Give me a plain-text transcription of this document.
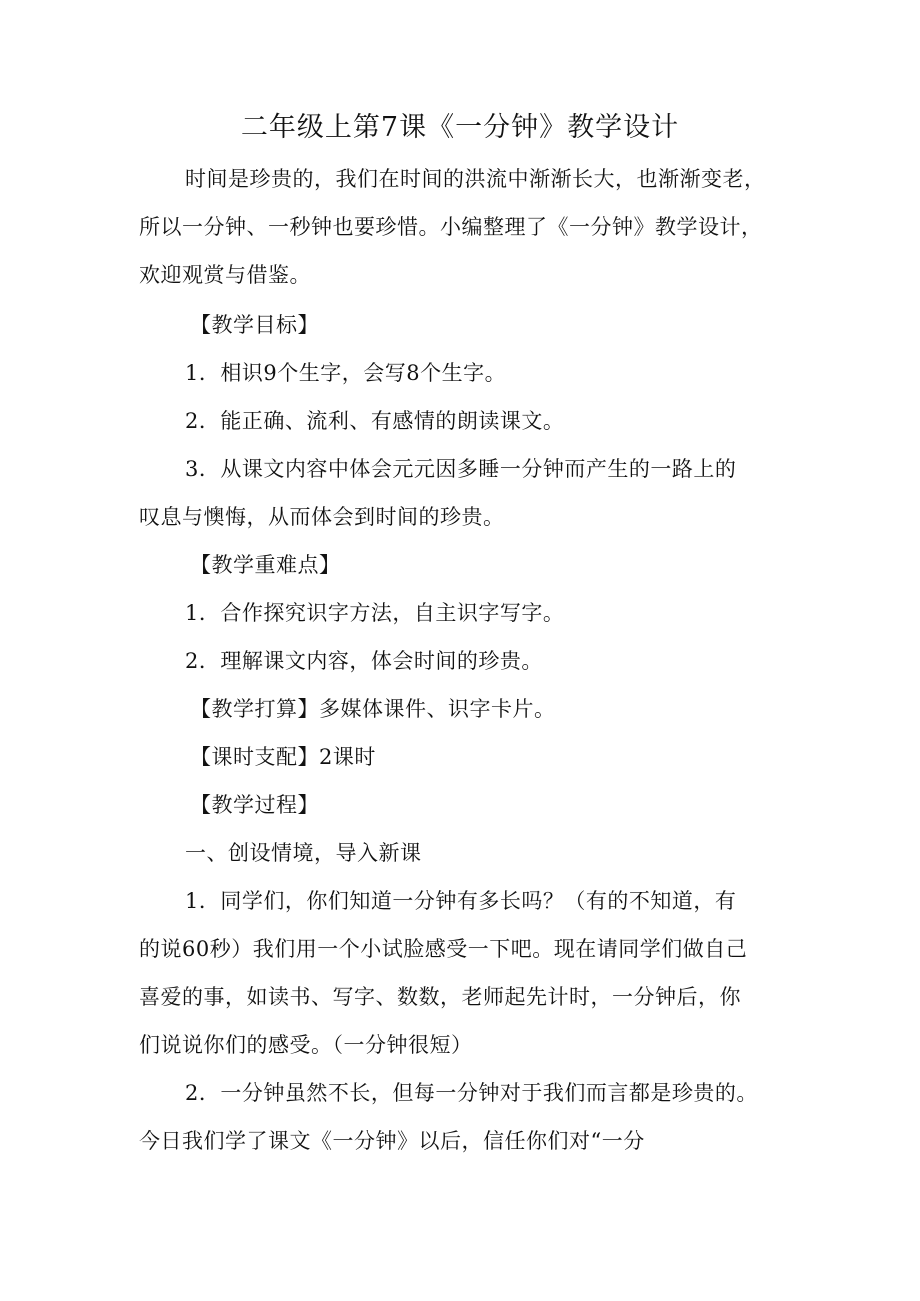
二年级上第7课《一分钟》教学设计
时间是珍贵的，我们在时间的洪流中渐渐长大，也渐渐变老，
所以一分钟、一秒钟也要珍惜。小编整理了《一分钟》教学设计，
欢迎观赏与借鉴。
【教学目标】
1．相识9个生字，会写8个生字。
2．能正确、流利、有感情的朗读课文。
3．从课文内容中体会元元因多睡一分钟而产生的一路上的
叹息与懊悔，从而体会到时间的珍贵。
【教学重难点】
1．合作探究识字方法，自主识字写字。
2．理解课文内容，体会时间的珍贵。
【教学打算】多媒体课件、识字卡片。
【课时支配】2课时
【教学过程】
一、创设情境，导入新课
1．同学们，你们知道一分钟有多长吗？（有的不知道，有
的说60秒）我们用一个小试脸感受一下吧。现在请同学们做自己
喜爱的事，如读书、写字、数数，老师起先计时，一分钟后，你
们说说你们的感受。（一分钟很短）
2．一分钟虽然不长，但每一分钟对于我们而言都是珍贵的。
今日我们学了课文《一分钟》以后，信任你们对“一分
